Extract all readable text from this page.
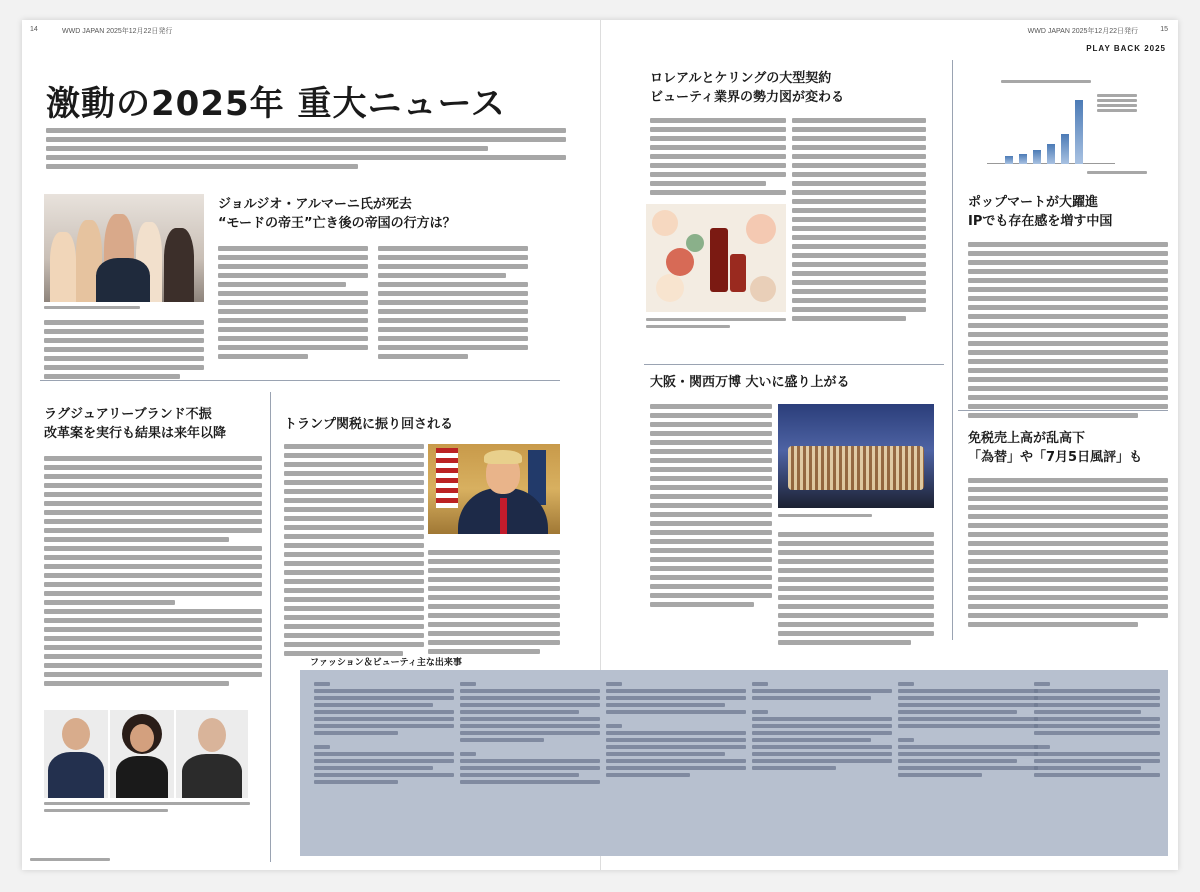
14	WWD JAPAN 2025年12月22日発行	15
WWD JAPAN 2025年12月22日発行
PLAY BACK 2025
激動の2025年 重大ニュース
ジョルジオ・アルマーニ氏が死去
“モードの帝王”亡き後の帝国の行方は？
ラグジュアリーブランド不振
改革案を実行も結果は来年以降
トランプ関税に振り回される
ロレアルとケリングの大型契約
ビューティ業界の勢力図が変わる
大阪・関西万博 大いに盛り上がる
ポップマートが大躍進
IPでも存在感を増す中国
免税売上高が乱高下
「為替」や「7月5日風評」も
ファッション＆ビューティ主な出来事
